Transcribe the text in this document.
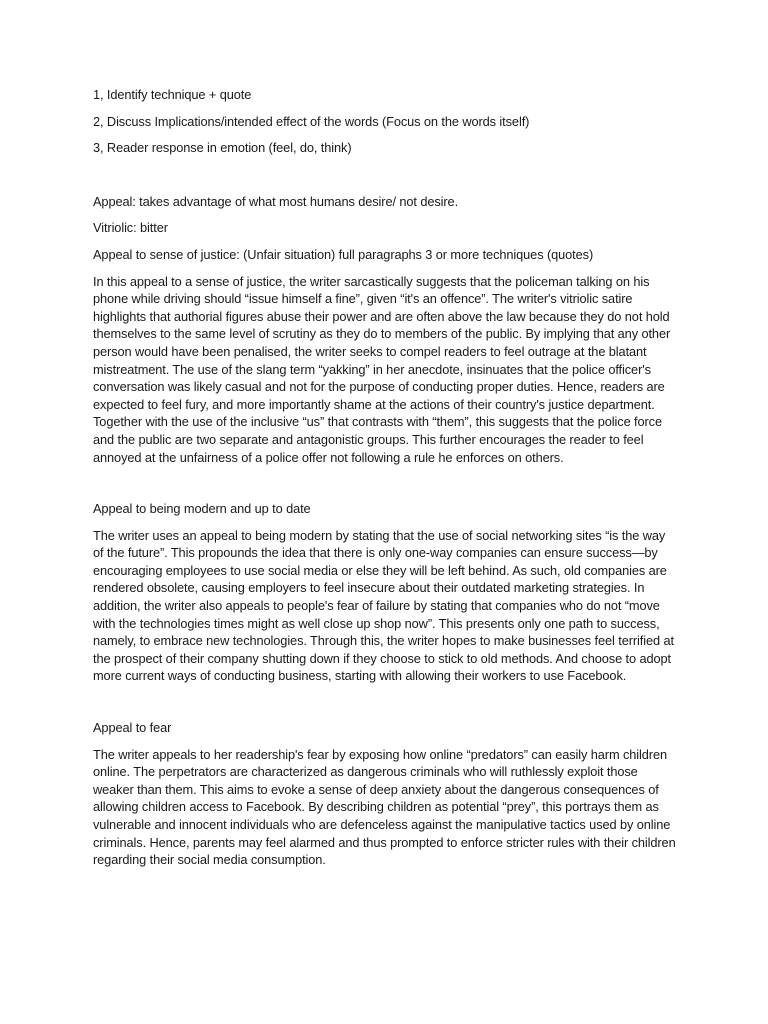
1, Identify technique + quote

2, Discuss Implications/intended effect of the words (Focus on the words itself)

3, Reader response in emotion (feel, do, think)

Appeal: takes advantage of what most humans desire/ not desire.

Vitriolic: bitter

Appeal to sense of justice: (Unfair situation) full paragraphs 3 or more techniques (quotes)

In this appeal to a sense of justice, the writer sarcastically suggests that the policeman talking on his phone while driving should “issue himself a fine”, given “it's an offence”. The writer's vitriolic satire highlights that authorial figures abuse their power and are often above the law because they do not hold themselves to the same level of scrutiny as they do to members of the public. By implying that any other person would have been penalised, the writer seeks to compel readers to feel outrage at the blatant mistreatment. The use of the slang term “yakking” in her anecdote, insinuates that the police officer's conversation was likely casual and not for the purpose of conducting proper duties. Hence, readers are expected to feel fury, and more importantly shame at the actions of their country's justice department. Together with the use of the inclusive “us” that contrasts with “them”, this suggests that the police force and the public are two separate and antagonistic groups. This further encourages the reader to feel annoyed at the unfairness of a police offer not following a rule he enforces on others.

Appeal to being modern and up to date

The writer uses an appeal to being modern by stating that the use of social networking sites “is the way of the future”. This propounds the idea that there is only one-way companies can ensure success—by encouraging employees to use social media or else they will be left behind. As such, old companies are rendered obsolete, causing employers to feel insecure about their outdated marketing strategies. In addition, the writer also appeals to people's fear of failure by stating that companies who do not “move with the technologies times might as well close up shop now”. This presents only one path to success, namely, to embrace new technologies. Through this, the writer hopes to make businesses feel terrified at the prospect of their company shutting down if they choose to stick to old methods. And choose to adopt more current ways of conducting business, starting with allowing their workers to use Facebook.

Appeal to fear

The writer appeals to her readership's fear by exposing how online “predators” can easily harm children online. The perpetrators are characterized as dangerous criminals who will ruthlessly exploit those weaker than them. This aims to evoke a sense of deep anxiety about the dangerous consequences of allowing children access to Facebook. By describing children as potential “prey”, this portrays them as vulnerable and innocent individuals who are defenceless against the manipulative tactics used by online criminals. Hence, parents may feel alarmed and thus prompted to enforce stricter rules with their children regarding their social media consumption.
